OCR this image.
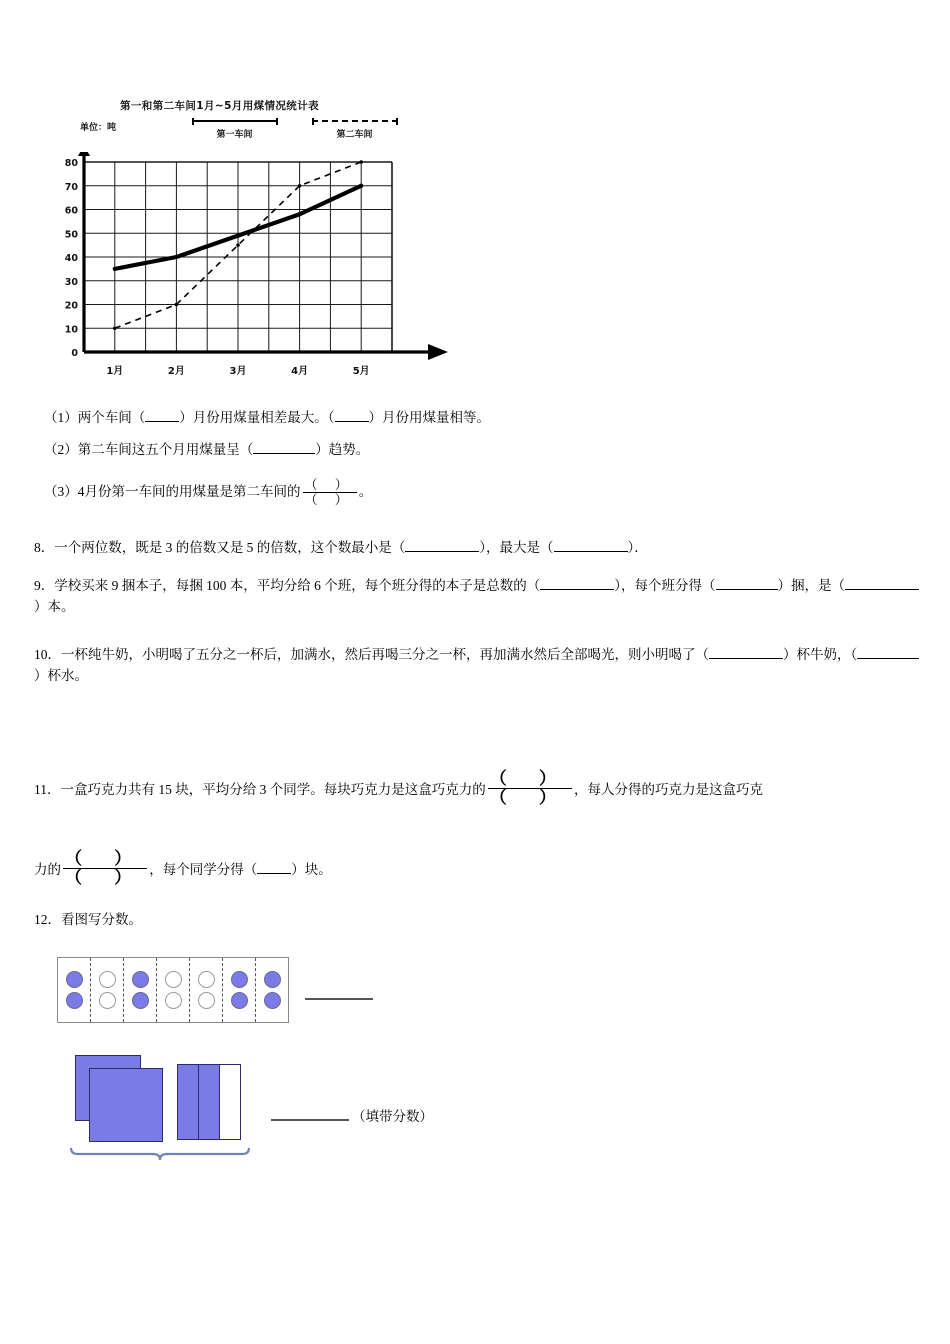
第一和第二车间1月~5月用煤情况统计表
单位：吨
第一车间	第二车间
0
10
20
30
40
50
60
70
80
1月	2月	3月	4月	5月
（1）两个车间（	）月份用煤量相差最大。（	）月份用煤量相等。
（2）第二车间这五个月用煤量呈（	）趋势。
（3）4月份第一车间的用煤量是第二车间的 $\frac{( )}{( )}$ 。
8．一个两位数，既是 3 的倍数又是 5 的倍数，这个数最小是（	），最大是（	）．
9．学校买来 9 捆本子，每捆 100 本，平均分给 6 个班，每个班分得的本子是总数的（	），每个班分得（	）捆，是（）本。
10．一杯纯牛奶，小明喝了五分之一杯后，加满水，然后再喝三分之一杯，再加满水然后全部喝光，则小明喝了（	）杯牛奶，（）杯水。
11．一盒巧克力共有 15 块，平均分给 3 个同学。每块巧克力是这盒巧克力的 $\frac{( )}{( )}$ ，每人分得的巧克力是这盒巧克
力的 $\frac{( )}{( )}$ ，每个同学分得（	）块。
12．看图写分数。
（填带分数）
